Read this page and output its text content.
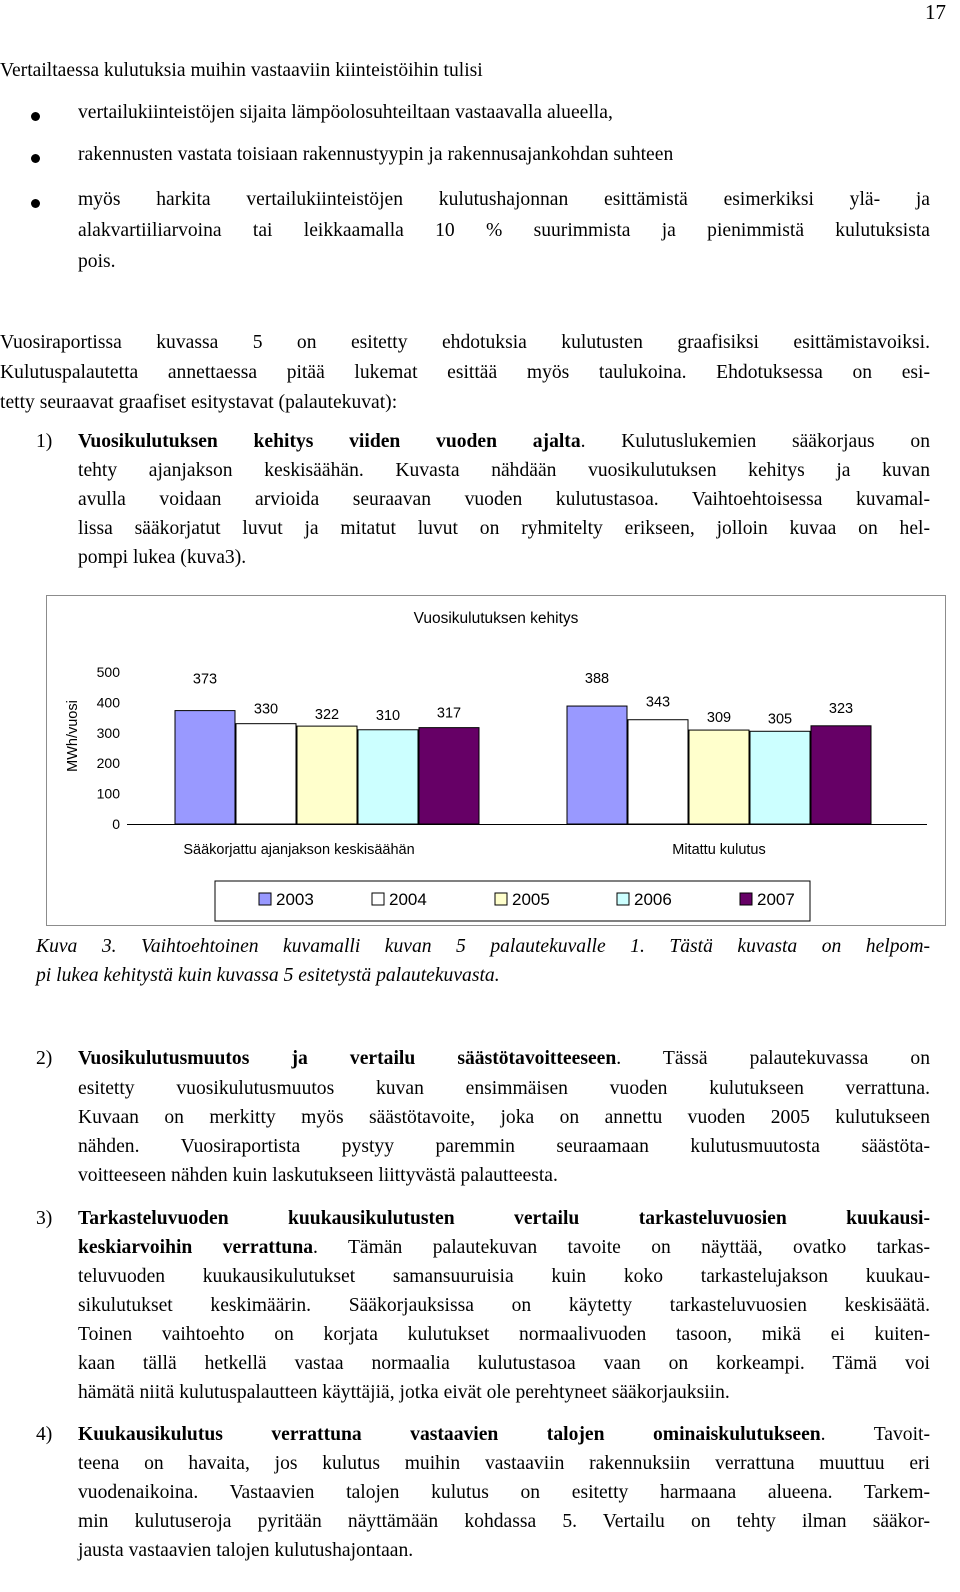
17
Vertailtaessa kulutuksia muihin vastaaviin kiinteistöihin tulisi
vertailukiinteistöjen sijaita lämpöolosuhteiltaan vastaavalla alueella,
rakennusten vastata toisiaan rakennustyypin ja rakennusajankohdan suhteen
myös harkita vertailukiinteistöjen kulutushajonnan esittämistä esimerkiksi ylä- ja
alakvartiiliarvoina tai leikkaamalla 10 % suurimmista ja pienimmistä kulutuksista
pois.
Vuosiraportissa kuvassa 5 on esitetty ehdotuksia kulutusten graafisiksi esittämistavoiksi.
Kulutuspalautetta annettaessa pitää lukemat esittää myös taulukoina. Ehdotuksessa on esi-
tetty seuraavat graafiset esitystavat (palautekuvat):
1) Vuosikulutuksen kehitys viiden vuoden ajalta. Kulutuslukemien sääkorjaus on
tehty ajanjakson keskisäähän. Kuvasta nähdään vuosikulutuksen kehitys ja kuvan
avulla voidaan arvioida seuraavan vuoden kulutustasoa. Vaihtoehtoisessa kuvamal-
lissa sääkorjatut luvut ja mitatut luvut on ryhmitelty erikseen, jolloin kuvaa on hel-
pompi lukea (kuva3).
Vuosikulutuksen kehitys
MWh/vuosi
0
100
200
300
400
500	373	388
330	343
322	309
310	305
317	323
Sääkorjattu ajanjakson keskisäähän	Mitattu kulutus
2003	2004	2005	2006	2007
Kuva 3. Vaihtoehtoinen kuvamalli kuvan 5 palautekuvalle 1. Tästä kuvasta on helpom-
pi lukea kehitystä kuin kuvassa 5 esitetystä palautekuvasta.
2) Vuosikulutusmuutos ja vertailu säästötavoitteeseen. Tässä palautekuvassa on
esitetty vuosikulutusmuutos kuvan ensimmäisen vuoden kulutukseen verrattuna.
Kuvaan on merkitty myös säästötavoite, joka on annettu vuoden 2005 kulutukseen
nähden. Vuosiraportista pystyy paremmin seuraamaan kulutusmuutosta säästöta-
voitteeseen nähden kuin laskutukseen liittyvästä palautteesta.
3) Tarkasteluvuoden kuukausikulutusten vertailu tarkasteluvuosien kuukausi-
keskiarvoihin verrattuna. Tämän palautekuvan tavoite on näyttää, ovatko tarkas-
teluvuoden kuukausikulutukset samansuuruisia kuin koko tarkastelujakson kuukau-
sikulutukset keskimäärin. Sääkorjauksissa on käytetty tarkasteluvuosien keskisäätä.
Toinen vaihtoehto on korjata kulutukset normaalivuoden tasoon, mikä ei kuiten-
kaan tällä hetkellä vastaa normaalia kulutustasoa vaan on korkeampi. Tämä voi
hämätä niitä kulutuspalautteen käyttäjiä, jotka eivät ole perehtyneet sääkorjauksiin.
4) Kuukausikulutus verrattuna vastaavien talojen ominaiskulutukseen. Tavoit-
teena on havaita, jos kulutus muihin vastaaviin rakennuksiin verrattuna muuttuu eri
vuodenaikoina. Vastaavien talojen kulutus on esitetty harmaana alueena. Tarkem-
min kulutuseroja pyritään näyttämään kohdassa 5. Vertailu on tehty ilman sääkor-
jausta vastaavien talojen kulutushajontaan.
